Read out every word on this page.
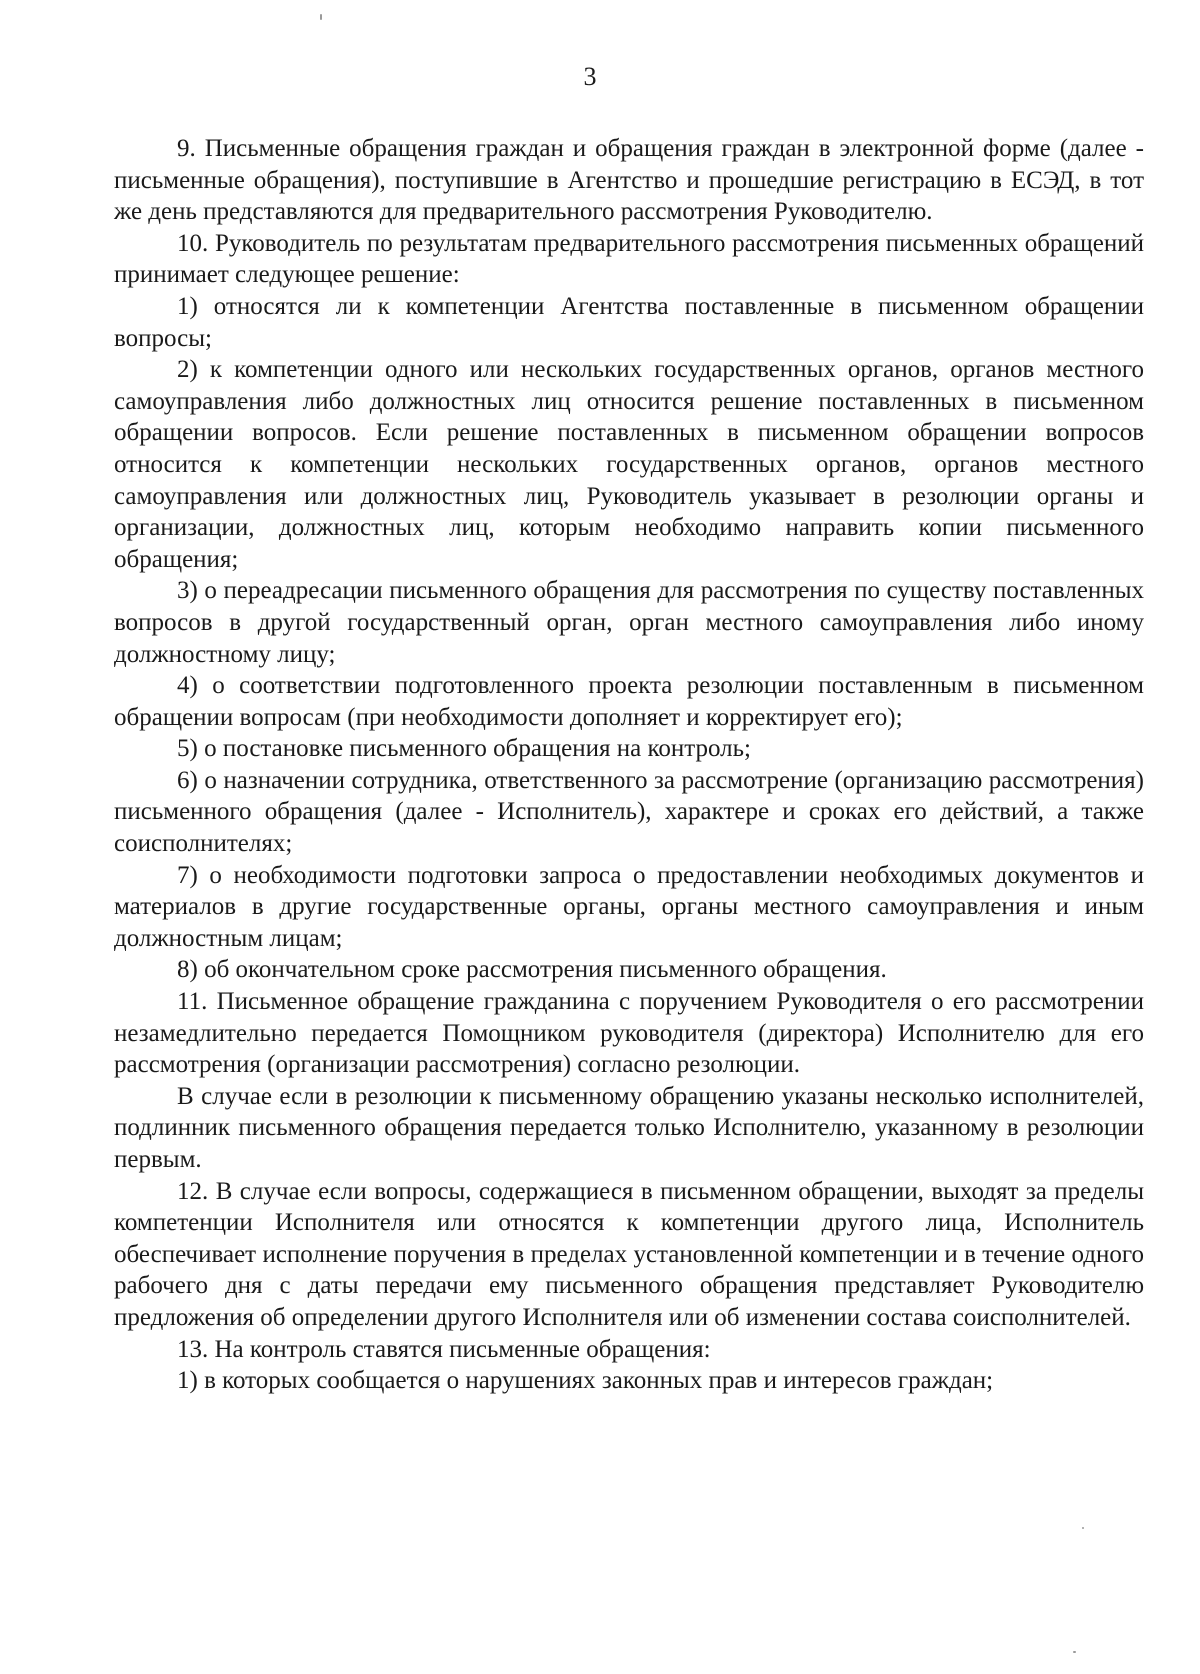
3

9. Письменные обращения граждан и обращения граждан в электронной форме (далее - письменные обращения), поступившие в Агентство и прошедшие регистрацию в ЕСЭД, в тот же день представляются для предварительного рассмотрения Руководителю.

10. Руководитель по результатам предварительного рассмотрения письменных обращений принимает следующее решение:

1) относятся ли к компетенции Агентства поставленные в письменном обращении вопросы;

2) к компетенции одного или нескольких государственных органов, органов местного самоуправления либо должностных лиц относится решение поставленных в письменном обращении вопросов. Если решение поставленных в письменном обращении вопросов относится к компетенции нескольких государственных органов, органов местного самоуправления или должностных лиц, Руководитель указывает в резолюции органы и организации, должностных лиц, которым необходимо направить копии письменного обращения;

3) о переадресации письменного обращения для рассмотрения по существу поставленных вопросов в другой государственный орган, орган местного самоуправления либо иному должностному лицу;

4) о соответствии подготовленного проекта резолюции поставленным в письменном обращении вопросам (при необходимости дополняет и корректирует его);

5) о постановке письменного обращения на контроль;

6) о назначении сотрудника, ответственного за рассмотрение (организацию рассмотрения) письменного обращения (далее - Исполнитель), характере и сроках его действий, а также соисполнителях;

7) о необходимости подготовки запроса о предоставлении необходимых документов и материалов в другие государственные органы, органы местного самоуправления и иным должностным лицам;

8) об окончательном сроке рассмотрения письменного обращения.

11. Письменное обращение гражданина с поручением Руководителя о его рассмотрении незамедлительно передается Помощником руководителя (директора) Исполнителю для его рассмотрения (организации рассмотрения) согласно резолюции.

В случае если в резолюции к письменному обращению указаны несколько исполнителей, подлинник письменного обращения передается только Исполнителю, указанному в резолюции первым.

12. В случае если вопросы, содержащиеся в письменном обращении, выходят за пределы компетенции Исполнителя или относятся к компетенции другого лица, Исполнитель обеспечивает исполнение поручения в пределах установленной компетенции и в течение одного рабочего дня с даты передачи ему письменного обращения представляет Руководителю предложения об определении другого Исполнителя или об изменении состава соисполнителей.

13. На контроль ставятся письменные обращения:

1) в которых сообщается о нарушениях законных прав и интересов граждан;
